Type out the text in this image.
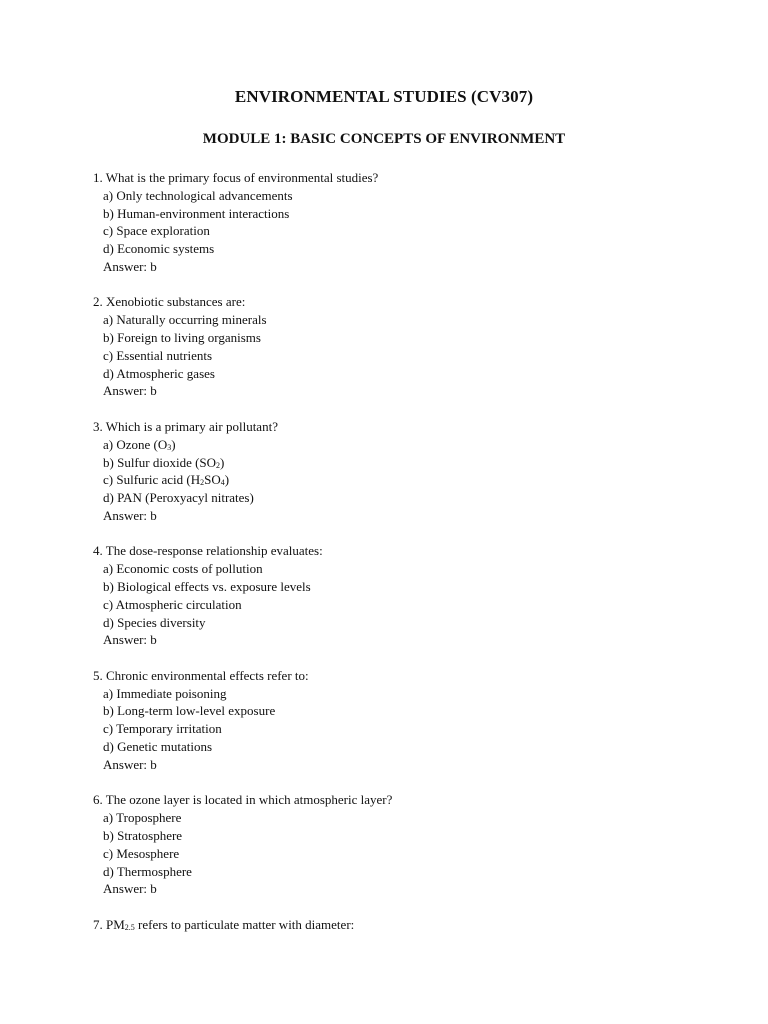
ENVIRONMENTAL STUDIES (CV307)
MODULE 1: BASIC CONCEPTS OF ENVIRONMENT
1. What is the primary focus of environmental studies?
a) Only technological advancements
b) Human-environment interactions
c) Space exploration
d) Economic systems
Answer: b
2. Xenobiotic substances are:
a) Naturally occurring minerals
b) Foreign to living organisms
c) Essential nutrients
d) Atmospheric gases
Answer: b
3. Which is a primary air pollutant?
a) Ozone $(O_3)$
b) Sulfur dioxide $(SO_2)$
c) Sulfuric acid $(H_2SO_4)$
d) PAN (Peroxyacyl nitrates)
Answer: b
4. The dose-response relationship evaluates:
a) Economic costs of pollution
b) Biological effects vs. exposure levels
c) Atmospheric circulation
d) Species diversity
Answer: b
5. Chronic environmental effects refer to:
a) Immediate poisoning
b) Long-term low-level exposure
c) Temporary irritation
d) Genetic mutations
Answer: b
6. The ozone layer is located in which atmospheric layer?
a) Troposphere
b) Stratosphere
c) Mesosphere
d) Thermosphere
Answer: b
7. $PM_{2.5}$ refers to particulate matter with diameter:
